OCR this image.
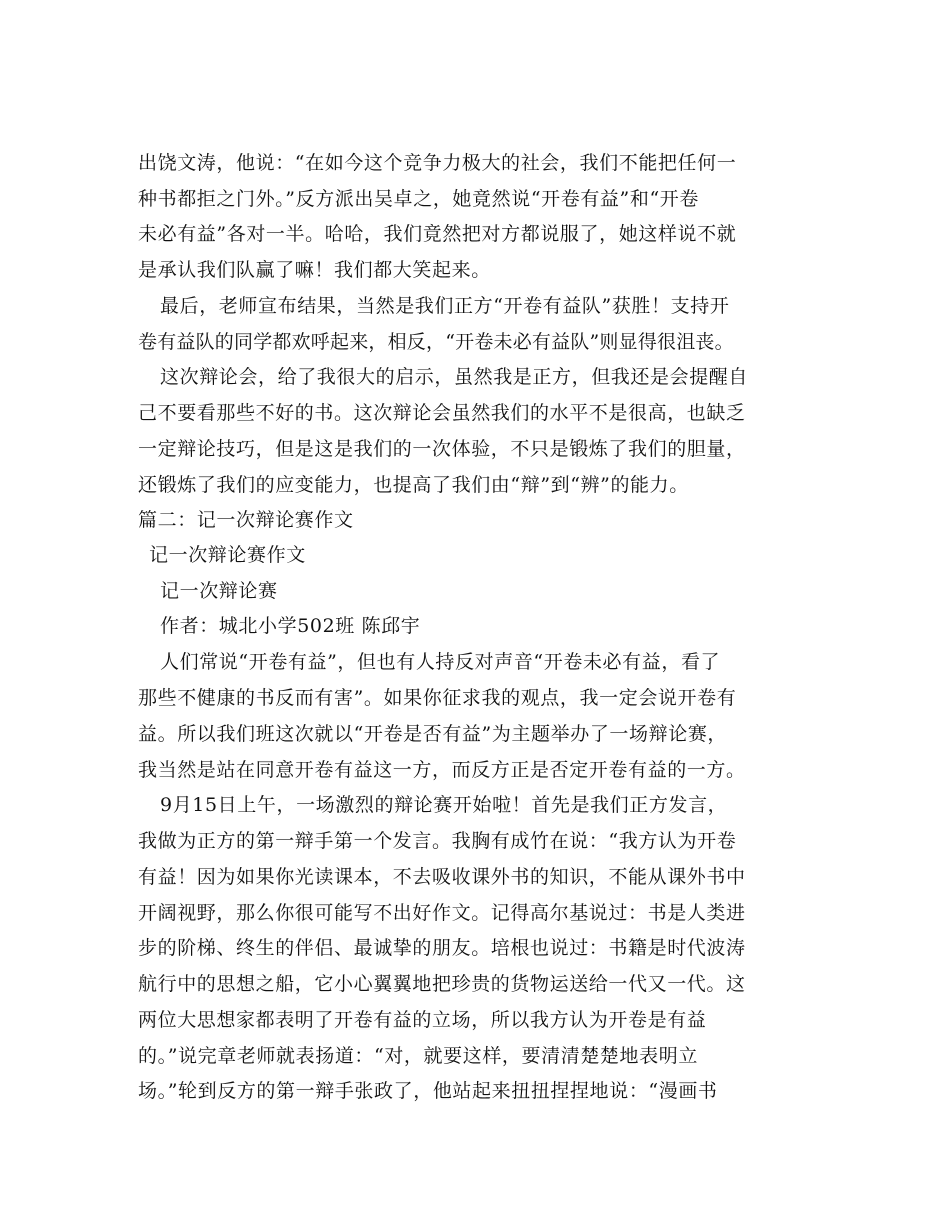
出饶文涛，他说：“在如今这个竞争力极大的社会，我们不能把任何一
种书都拒之门外。”反方派出吴卓之，她竟然说“开卷有益”和“开卷
未必有益”各对一半。哈哈，我们竟然把对方都说服了，她这样说不就
是承认我们队赢了嘛！我们都大笑起来。
最后，老师宣布结果，当然是我们正方“开卷有益队”获胜！支持开
卷有益队的同学都欢呼起来，相反，“开卷未必有益队”则显得很沮丧。
这次辩论会，给了我很大的启示，虽然我是正方，但我还是会提醒自
己不要看那些不好的书。这次辩论会虽然我们的水平不是很高，也缺乏
一定辩论技巧，但是这是我们的一次体验，不只是锻炼了我们的胆量，
还锻炼了我们的应变能力，也提高了我们由“辩”到“辨”的能力。
篇二：记一次辩论赛作文
记一次辩论赛作文
记一次辩论赛
作者：城北小学502班 陈邱宇
人们常说“开卷有益”，但也有人持反对声音“开卷未必有益，看了
那些不健康的书反而有害”。如果你征求我的观点，我一定会说开卷有
益。所以我们班这次就以“开卷是否有益”为主题举办了一场辩论赛，
我当然是站在同意开卷有益这一方，而反方正是否定开卷有益的一方。
9月15日上午，一场激烈的辩论赛开始啦！首先是我们正方发言，
我做为正方的第一辩手第一个发言。我胸有成竹在说：“我方认为开卷
有益！因为如果你光读课本，不去吸收课外书的知识，不能从课外书中
开阔视野，那么你很可能写不出好作文。记得高尔基说过：书是人类进
步的阶梯、终生的伴侣、最诚挚的朋友。培根也说过：书籍是时代波涛
航行中的思想之船，它小心翼翼地把珍贵的货物运送给一代又一代。这
两位大思想家都表明了开卷有益的立场，所以我方认为开卷是有益
的。”说完章老师就表扬道：“对，就要这样，要清清楚楚地表明立
场。”轮到反方的第一辩手张政了，他站起来扭扭捏捏地说：“漫画书
